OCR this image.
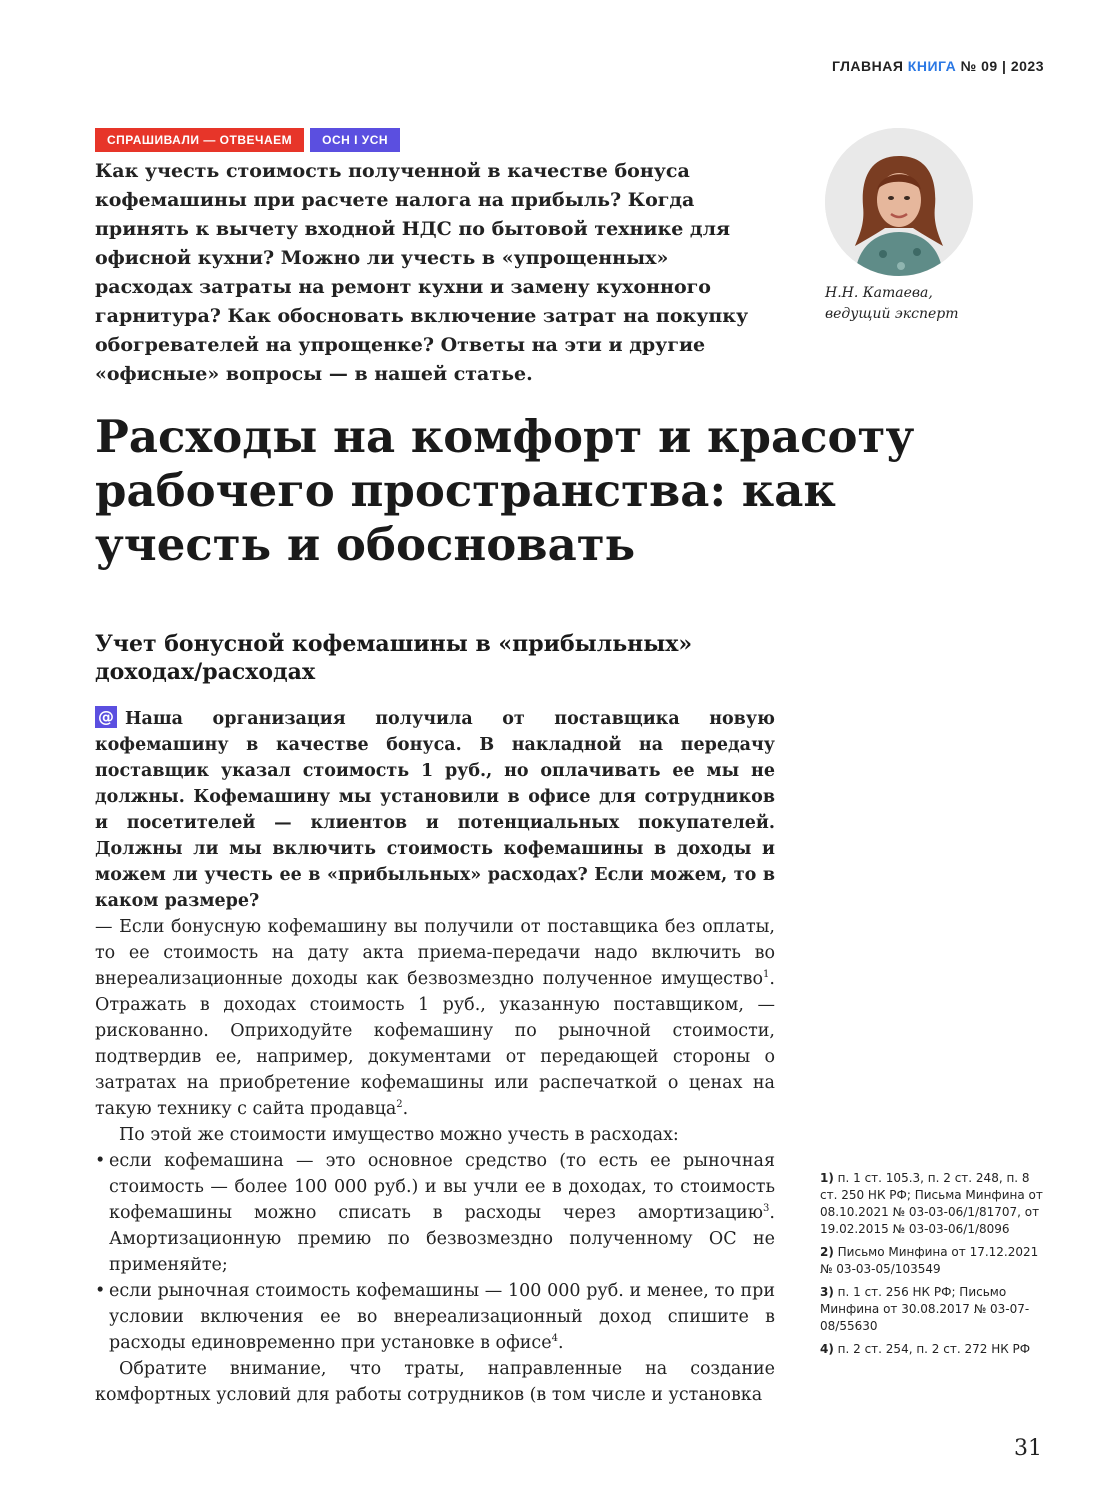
ГЛАВНАЯ КНИГА № 09 | 2023
СПРАШИВАЛИ — ОТВЕЧАЕМ	ОСН I УСН
Как учесть стоимость полученной в качестве бонуса кофемашины при расчете налога на прибыль? Когда принять к вычету входной НДС по бытовой технике для офисной кухни? Можно ли учесть в «упрощенных» расходах затраты на ремонт кухни и замену кухонного гарнитура? Как обосновать включение затрат на покупку обогревателей на упрощенке? Ответы на эти и другие «офисные» вопросы — в нашей статье.
Н.Н. Катаева,
ведущий эксперт
Расходы на комфорт и красоту рабочего пространства: как учесть и обосновать
Учет бонусной кофемашины в «прибыльных» доходах/расходах

@ Наша организация получила от поставщика новую кофемашину в качестве бонуса. В накладной на передачу поставщик указал стоимость 1 руб., но оплачивать ее мы не должны. Кофемашину мы установили в офисе для сотрудников и посетителей — клиентов и потенциальных покупателей. Должны ли мы включить стоимость кофемашины в доходы и можем ли учесть ее в «прибыльных» расходах? Если можем, то в каком размере?

— Если бонусную кофемашину вы получили от поставщика без оплаты, то ее стоимость на дату акта приема-передачи надо включить во внереализационные доходы как безвозмездно полученное имущество$^1$. Отражать в доходах стоимость 1 руб., указанную поставщиком, — рискованно. Оприходуйте кофемашину по рыночной стоимости, подтвердив ее, например, документами от передающей стороны о затратах на приобретение кофемашины или распечаткой о ценах на такую технику с сайта продавца$^2$.

По этой же стоимости имущество можно учесть в расходах:

• если кофемашина — это основное средство (то есть ее рыночная стоимость — более 100 000 руб.) и вы учли ее в доходах, то стоимость кофемашины можно списать в расходы через амортизацию$^3$. Амортизационную премию по безвозмездно полученному ОС не применяйте;
• если рыночная стоимость кофемашины — 100 000 руб. и менее, то при условии включения ее во внереализационный доход спишите в расходы единовременно при установке в офисе$^4$.

Обратите внимание, что траты, направленные на создание комфортных условий для работы сотрудников (в том числе и установка

1) п. 1 ст. 105.3, п. 2 ст. 248, п. 8 ст. 250 НК РФ; Письма Минфина от 08.10.2021 № 03-03-06/1/81707, от 19.02.2015 № 03-03-06/1/8096
2) Письмо Минфина от 17.12.2021 № 03-03-05/103549
3) п. 1 ст. 256 НК РФ; Письмо Минфина от 30.08.2017 № 03-07-08/55630
4) п. 2 ст. 254, п. 2 ст. 272 НК РФ
31
